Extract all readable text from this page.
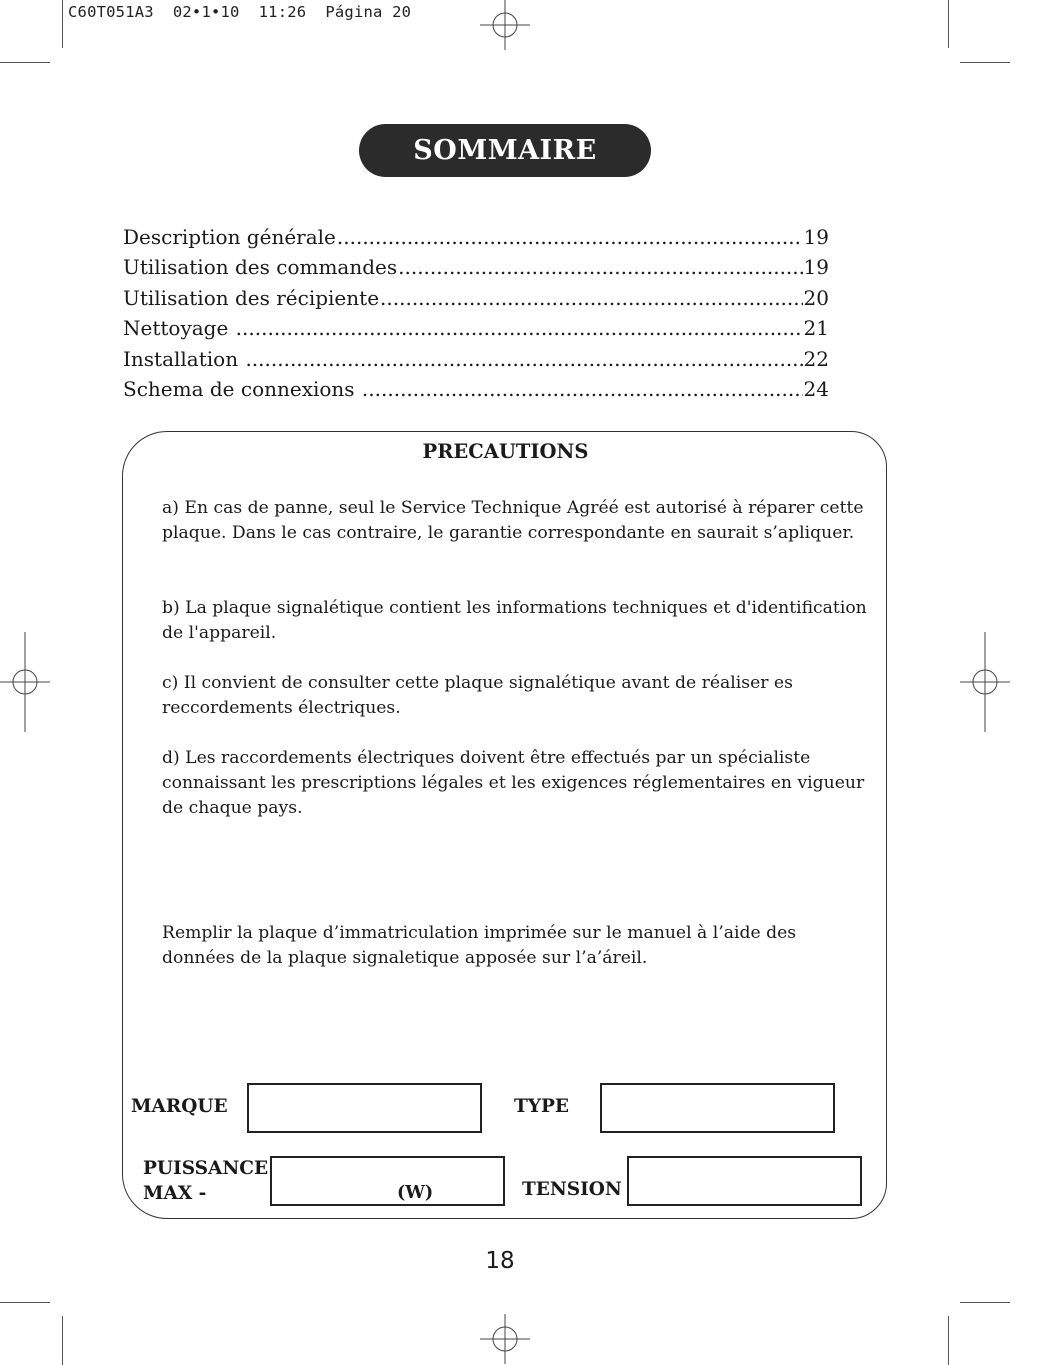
C60T051A3  02•1•10  11:26  Página 20
SOMMAIRE
Description générale .....	19
Utilisation des commandes .....	19
Utilisation des récipiente .....	20
Nettoyage .....	21
Installation .....	22
Schema de connexions .....	24
PRECAUTIONS
a) En cas de panne, seul le Service Technique Agréé est autorisé à réparer cette plaque. Dans le cas contraire, le garantie correspondante en saurait s’apliquer.
b) La plaque signalétique contient les informations techniques et d'identification de l'appareil.
c) Il convient de consulter cette plaque signalétique avant de réaliser es reccordements électriques.
d) Les raccordements électriques doivent être effectués par un spécialiste connaissant les prescriptions légales et les exigences réglementaires en vigueur de chaque pays.
Remplir la plaque d’immatriculation imprimée sur le manuel à l’aide des données de la plaque signaletique apposée sur l’a’áreil.
MARQUE	TYPE
PUISSANCE
MAX -	(W)	TENSION
18
